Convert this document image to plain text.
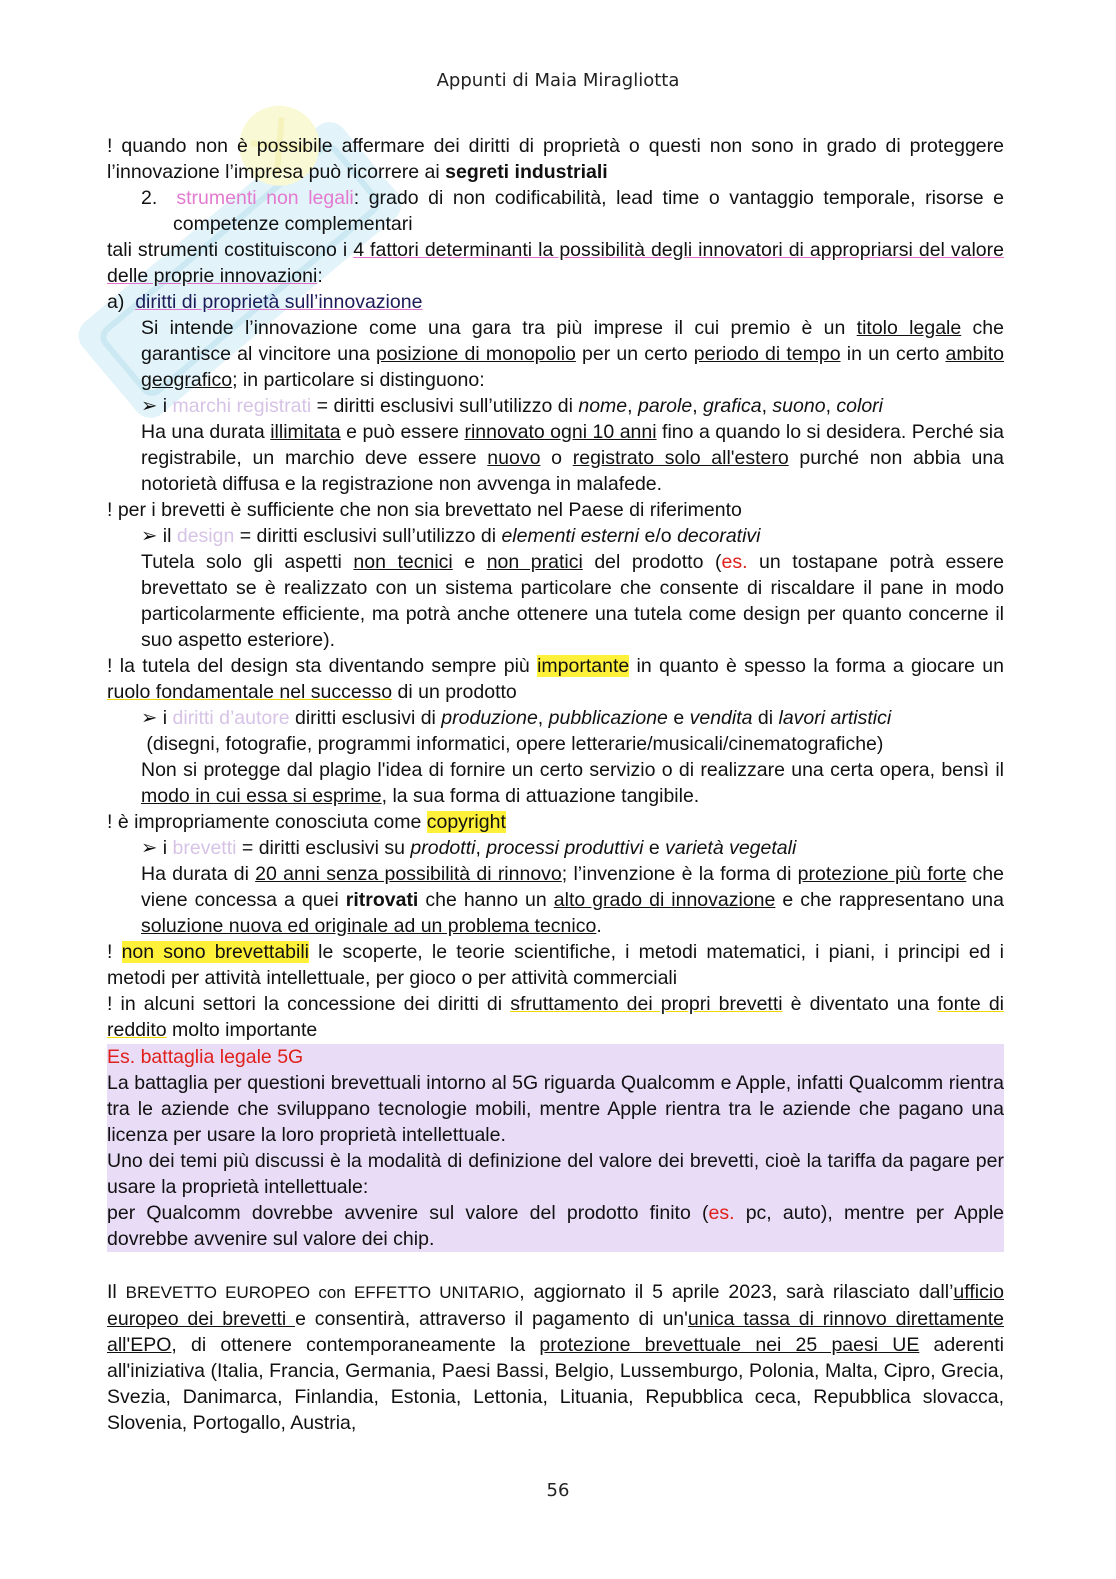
Appunti di Maia Miragliotta

! quando non è possibile affermare dei diritti di proprietà o questi non sono in grado di proteggere l’innovazione l’impresa può ricorrere ai segreti industriali

2. strumenti non legali: grado di non codificabilità, lead time o vantaggio temporale, risorse e competenze complementari

tali strumenti costituiscono i 4 fattori determinanti la possibilità degli innovatori di appropriarsi del valore delle proprie innovazioni:

a) diritti di proprietà sull’innovazione

Si intende l’innovazione come una gara tra più imprese il cui premio è un titolo legale che garantisce al vincitore una posizione di monopolio per un certo periodo di tempo in un certo ambito geografico; in particolare si distinguono:

➢ i marchi registrati = diritti esclusivi sull’utilizzo di nome, parole, grafica, suono, colori

Ha una durata illimitata e può essere rinnovato ogni 10 anni fino a quando lo si desidera. Perché sia registrabile, un marchio deve essere nuovo o registrato solo all'estero purché non abbia una notorietà diffusa e la registrazione non avvenga in malafede.

! per i brevetti è sufficiente che non sia brevettato nel Paese di riferimento

➢ il design = diritti esclusivi sull’utilizzo di elementi esterni e/o decorativi

Tutela solo gli aspetti non tecnici e non pratici del prodotto (es. un tostapane potrà essere brevettato se è realizzato con un sistema particolare che consente di riscaldare il pane in modo particolarmente efficiente, ma potrà anche ottenere una tutela come design per quanto concerne il suo aspetto esteriore).

! la tutela del design sta diventando sempre più importante in quanto è spesso la forma a giocare un ruolo fondamentale nel successo di un prodotto

➢ i diritti d’autore diritti esclusivi di produzione, pubblicazione e vendita di lavori artistici
(disegni, fotografie, programmi informatici, opere letterarie/musicali/cinematografiche)

Non si protegge dal plagio l'idea di fornire un certo servizio o di realizzare una certa opera, bensì il modo in cui essa si esprime, la sua forma di attuazione tangibile.

! è impropriamente conosciuta come copyright

➢ i brevetti = diritti esclusivi su prodotti, processi produttivi e varietà vegetali

Ha durata di 20 anni senza possibilità di rinnovo; l’invenzione è la forma di protezione più forte che viene concessa a quei ritrovati che hanno un alto grado di innovazione e che rappresentano una soluzione nuova ed originale ad un problema tecnico.

! non sono brevettabili le scoperte, le teorie scientifiche, i metodi matematici, i piani, i principi ed i metodi per attività intellettuale, per gioco o per attività commerciali

! in alcuni settori la concessione dei diritti di sfruttamento dei propri brevetti è diventato una fonte di reddito molto importante

Es. battaglia legale 5G

La battaglia per questioni brevettuali intorno al 5G riguarda Qualcomm e Apple, infatti Qualcomm rientra tra le aziende che sviluppano tecnologie mobili, mentre Apple rientra tra le aziende che pagano una licenza per usare la loro proprietà intellettuale.

Uno dei temi più discussi è la modalità di definizione del valore dei brevetti, cioè la tariffa da pagare per usare la proprietà intellettuale:

per Qualcomm dovrebbe avvenire sul valore del prodotto finito (es. pc, auto), mentre per Apple dovrebbe avvenire sul valore dei chip.

Il BREVETTO EUROPEO con EFFETTO UNITARIO, aggiornato il 5 aprile 2023, sarà rilasciato dall’ufficio europeo dei brevetti e consentirà, attraverso il pagamento di un'unica tassa di rinnovo direttamente all'EPO, di ottenere contemporaneamente la protezione brevettuale nei 25 paesi UE aderenti all'iniziativa (Italia, Francia, Germania, Paesi Bassi, Belgio, Lussemburgo, Polonia, Malta, Cipro, Grecia, Svezia, Danimarca, Finlandia, Estonia, Lettonia, Lituania, Repubblica ceca, Repubblica slovacca, Slovenia, Portogallo, Austria,

56
